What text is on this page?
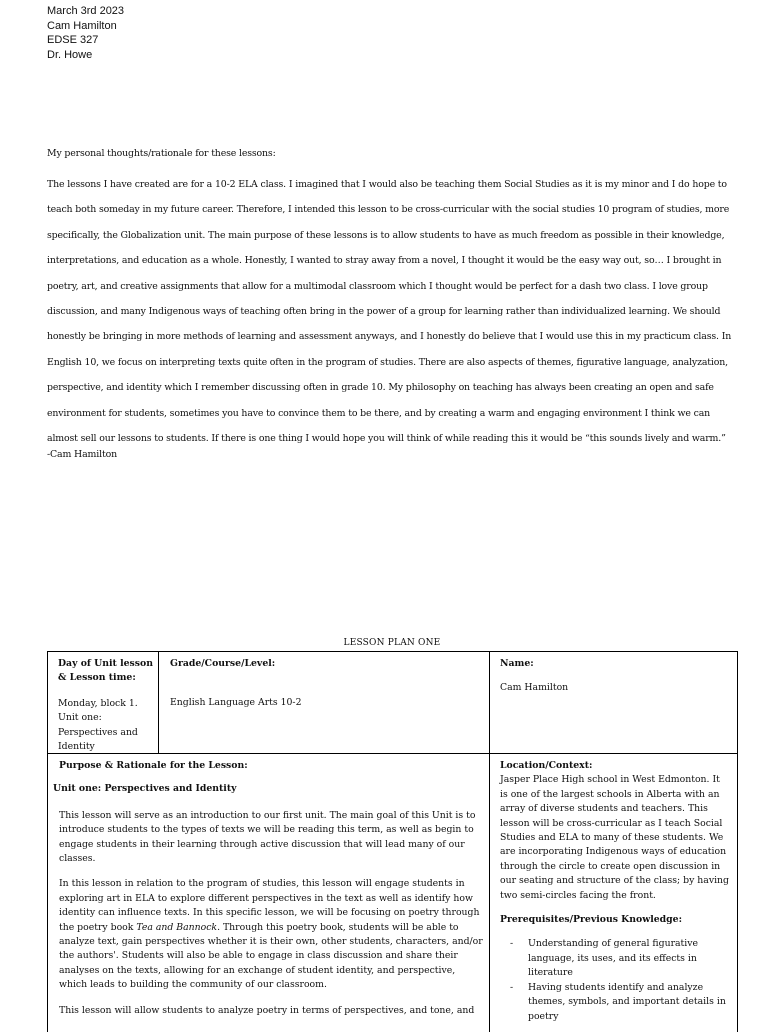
March 3rd 2023
Cam Hamilton
EDSE 327
Dr. Howe

My personal thoughts/rationale for these lessons:

The lessons I have created are for a 10-2 ELA class. I imagined that I would also be teaching them Social Studies as it is my minor and I do hope to teach both someday in my future career. Therefore, I intended this lesson to be cross-curricular with the social studies 10 program of studies, more specifically, the Globalization unit. The main purpose of these lessons is to allow students to have as much freedom as possible in their knowledge, interpretations, and education as a whole. Honestly, I wanted to stray away from a novel, I thought it would be the easy way out, so… I brought in poetry, art, and creative assignments that allow for a multimodal classroom which I thought would be perfect for a dash two class. I love group discussion, and many Indigenous ways of teaching often bring in the power of a group for learning rather than individualized learning. We should honestly be bringing in more methods of learning and assessment anyways, and I honestly do believe that I would use this in my practicum class. In English 10, we focus on interpreting texts quite often in the program of studies. There are also aspects of themes, figurative language, analyzation, perspective, and identity which I remember discussing often in grade 10. My philosophy on teaching has always been creating an open and safe environment for students, sometimes you have to convince them to be there, and by creating a warm and engaging environment I think we can almost sell our lessons to students. If there is one thing I would hope you will think of while reading this it would be “this sounds lively and warm.”

-Cam Hamilton

LESSON PLAN ONE
Day of Unit lesson & Lesson time:
Monday, block 1.
Unit one: Perspectives and Identity
Grade/Course/Level:
English Language Arts 10-2
Name:
Cam Hamilton
Purpose & Rationale for the Lesson:
Unit one: Perspectives and Identity

This lesson will serve as an introduction to our first unit. The main goal of this Unit is to introduce students to the types of texts we will be reading this term, as well as begin to engage students in their learning through active discussion that will lead many of our classes.

In this lesson in relation to the program of studies, this lesson will engage students in exploring art in ELA to explore different perspectives in the text as well as identify how identity can influence texts. In this specific lesson, we will be focusing on poetry through the poetry book Tea and Bannock. Through this poetry book, students will be able to analyze text, gain perspectives whether it is their own, other students, characters, and/or the authors'. Students will also be able to engage in class discussion and share their analyses on the texts, allowing for an exchange of student identity, and perspective, which leads to building the community of our classroom.

This lesson will allow students to analyze poetry in terms of perspectives, and tone, and

Location/Context:

Jasper Place High school in West Edmonton. It is one of the largest schools in Alberta with an array of diverse students and teachers. This lesson will be cross-curricular as I teach Social Studies and ELA to many of these students. We are incorporating Indigenous ways of education through the circle to create open discussion in our seating and structure of the class; by having two semi-circles facing the front.

Prerequisites/Previous Knowledge:
- Understanding of general figurative language, its uses, and its effects in literature
- Having students identify and analyze themes, symbols, and important details in poetry
